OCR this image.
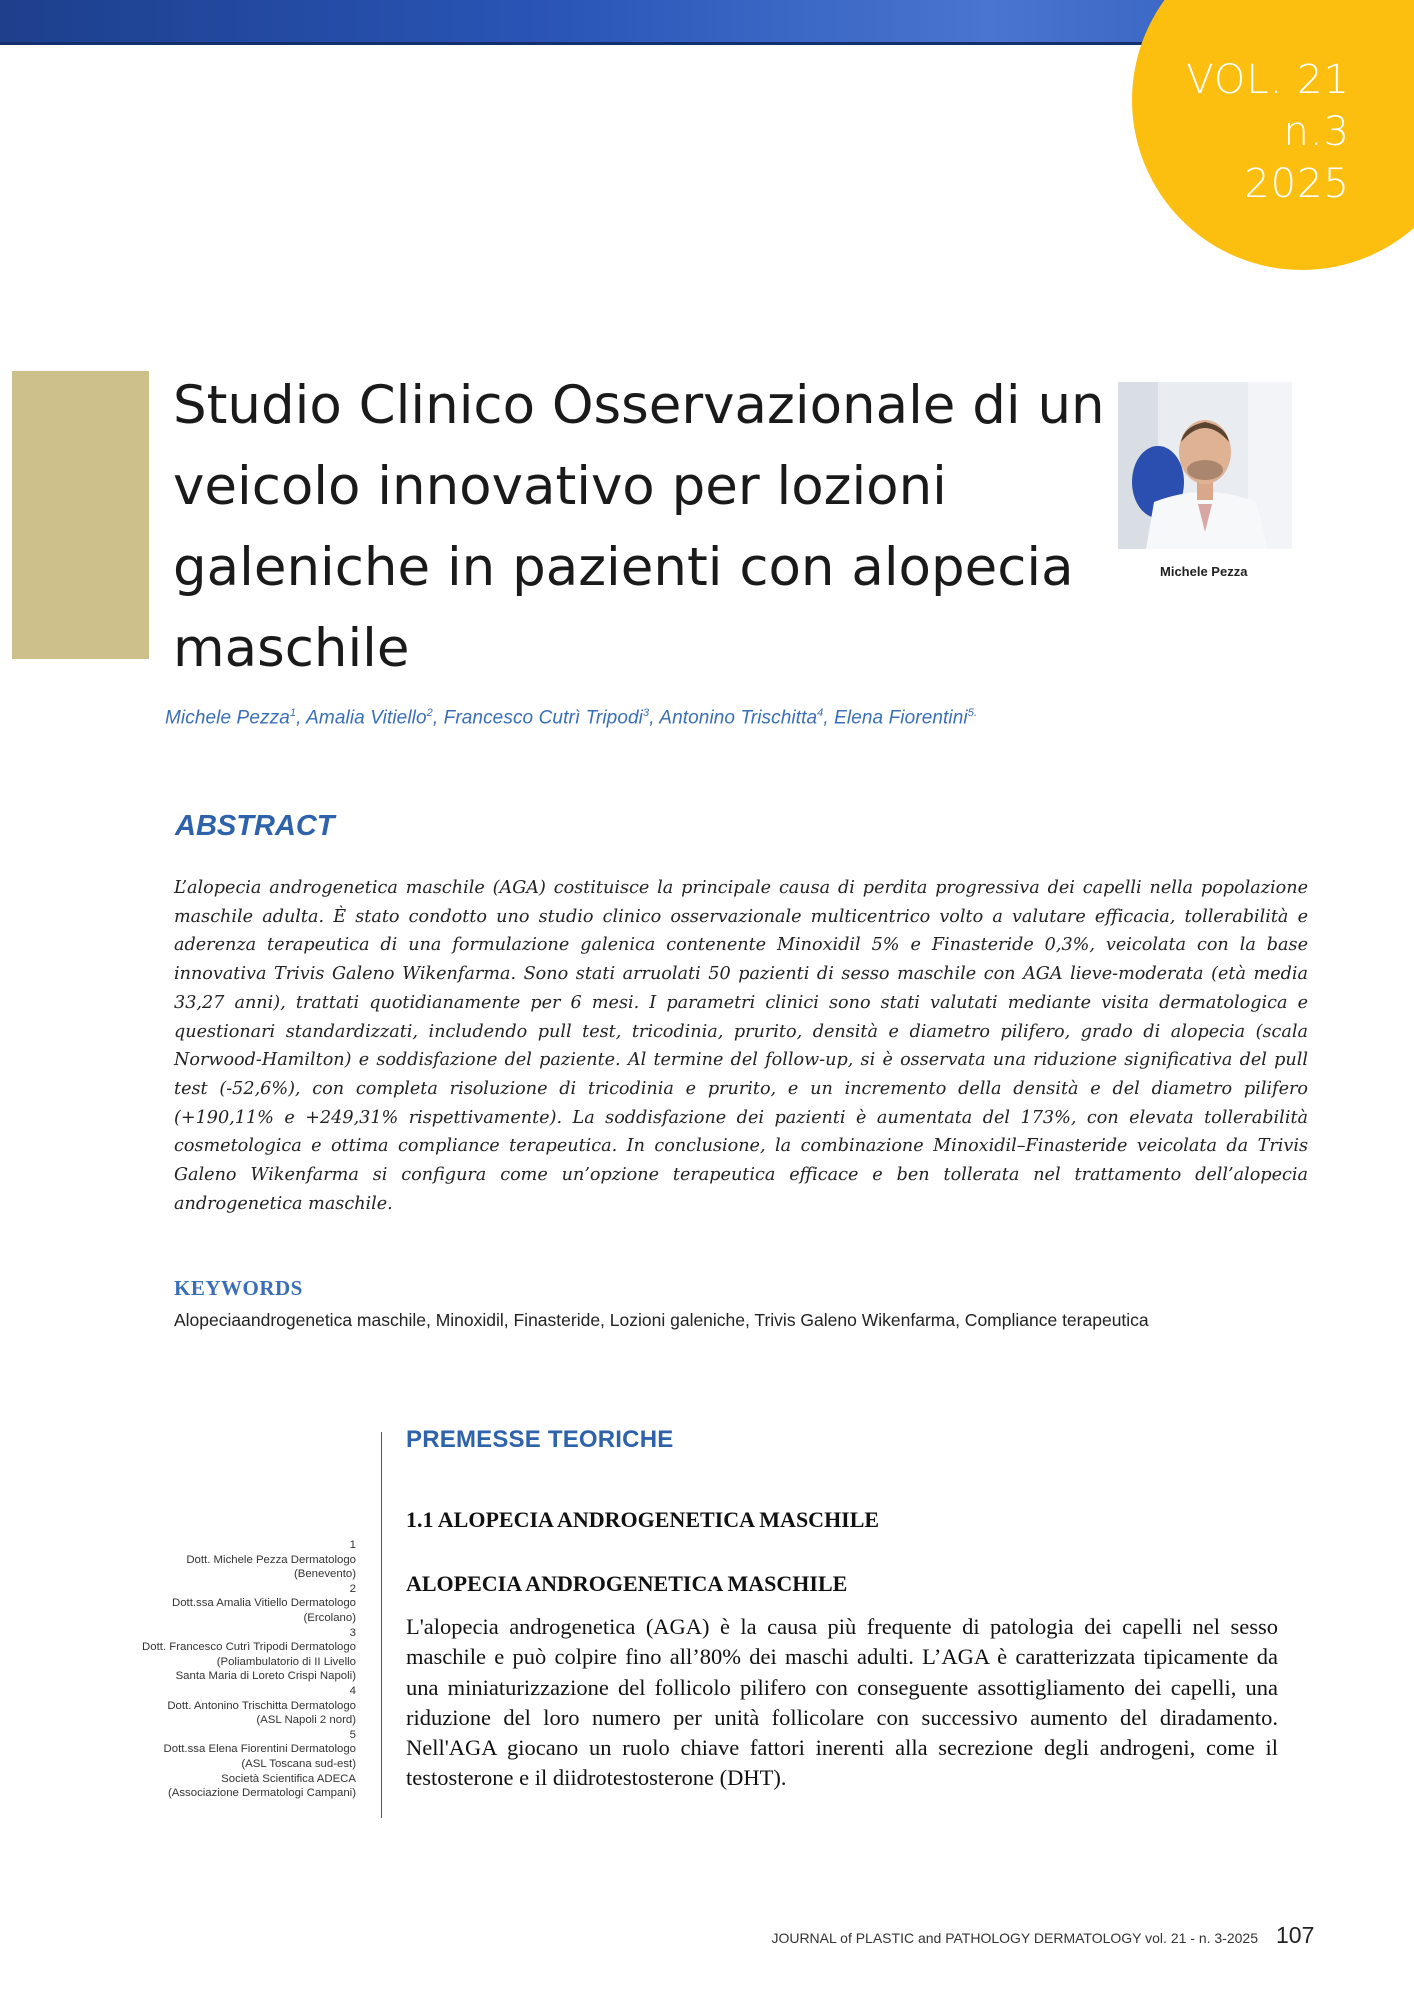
VOL. 21
n.3
2025
Studio Clinico Osservazionale di un veicolo innovativo per lozioni galeniche in pazienti con alopecia maschile
Michele Pezza

Michele Pezza$^1$, Amalia Vitiello$^2$, Francesco Cutrì Tripodi$^3$, Antonino Trischitta$^4$, Elena Fiorentini$^{5.}$

ABSTRACT

L’alopecia androgenetica maschile (AGA) costituisce la principale causa di perdita progressiva dei capelli nella popolazione maschile adulta. È stato condotto uno studio clinico osservazionale multicentrico volto a valutare efficacia, tollerabilità e aderenza terapeutica di una formulazione galenica contenente Minoxidil 5% e Finasteride 0,3%, veicolata con la base innovativa Trivis Galeno Wikenfarma. Sono stati arruolati 50 pazienti di sesso maschile con AGA lieve-moderata (età media 33,27 anni), trattati quotidianamente per 6 mesi. I parametri clinici sono stati valutati mediante visita dermatologica e questionari standardizzati, includendo pull test, tricodinia, prurito, densità e diametro pilifero, grado di alopecia (scala Norwood-Hamilton) e soddisfazione del paziente. Al termine del follow-up, si è osservata una riduzione significativa del pull test (-52,6%), con completa risoluzione di tricodinia e prurito, e un incremento della densità e del diametro pilifero (+190,11% e +249,31% rispettivamente). La soddisfazione dei pazienti è aumentata del 173%, con elevata tollerabilità cosmetologica e ottima compliance terapeutica. In conclusione, la combinazione Minoxidil–Finasteride veicolata da Trivis Galeno Wikenfarma si configura come un’opzione terapeutica efficace e ben tollerata nel trattamento dell’alopecia androgenetica maschile.

KEYWORDS

Alopeciaandrogenetica maschile, Minoxidil, Finasteride, Lozioni galeniche, Trivis Galeno Wikenfarma, Compliance terapeutica

1
Dott. Michele Pezza Dermatologo
(Benevento)
2
Dott.ssa Amalia Vitiello Dermatologo
(Ercolano)
3
Dott. Francesco Cutrì Tripodi Dermatologo
(Poliambulatorio di II Livello
Santa Maria di Loreto Crispi Napoli)
4
Dott. Antonino Trischitta Dermatologo
(ASL Napoli 2 nord)
5
Dott.ssa Elena Fiorentini Dermatologo
(ASL Toscana sud-est)
Società Scientifica ADECA
(Associazione Dermatologi Campani)
PREMESSE TEORICHE
1.1 ALOPECIA ANDROGENETICA MASCHILE
ALOPECIA ANDROGENETICA MASCHILE

L'alopecia androgenetica (AGA) è la causa più frequente di patologia dei capelli nel sesso maschile e può colpire fino all’80% dei maschi adulti. L’AGA è caratterizzata tipicamente da una miniaturizzazione del follicolo pilifero con conseguente assottigliamento dei capelli, una riduzione del loro numero per unità follicolare con successivo aumento del diradamento. Nell'AGA giocano un ruolo chiave fattori inerenti alla secrezione degli androgeni, come il testosterone e il diidrotestosterone (DHT).

JOURNAL of PLASTIC and PATHOLOGY DERMATOLOGY vol. 21 - n. 3-2025 107
